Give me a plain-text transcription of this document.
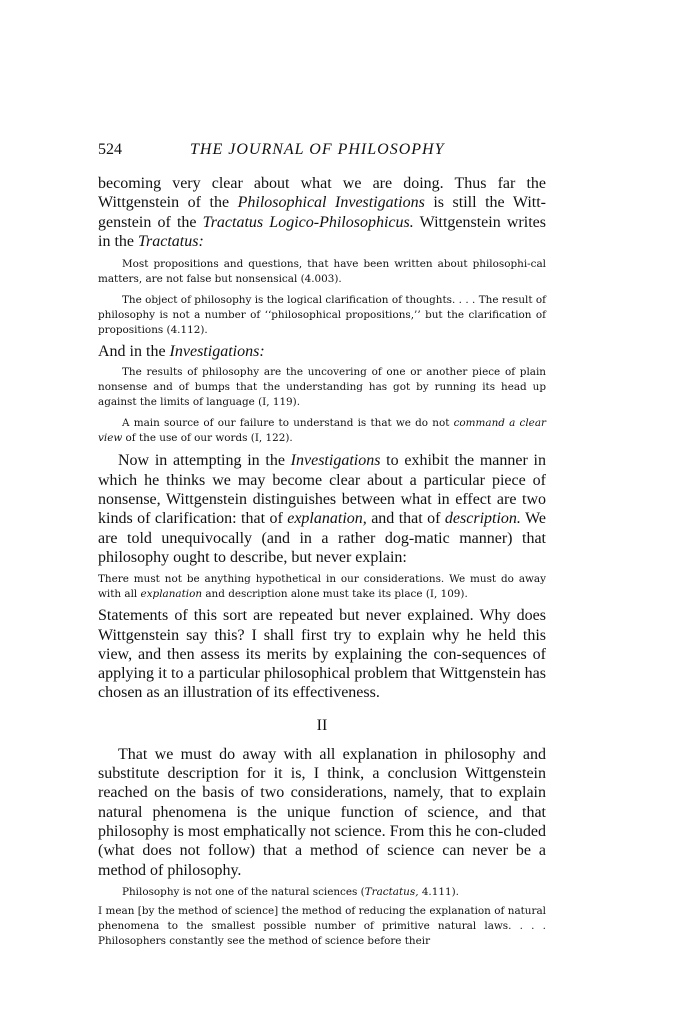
524	THE JOURNAL OF PHILOSOPHY

becoming very clear about what we are doing. Thus far the Wittgenstein of the Philosophical Investigations is still the Witt-genstein of the Tractatus Logico-Philosophicus. Wittgenstein writes in the Tractatus:

Most propositions and questions, that have been written about philosophi-cal matters, are not false but nonsensical (4.003).

The object of philosophy is the logical clarification of thoughts. . . . The result of philosophy is not a number of ‘‘philosophical propositions,’’ but the clarification of propositions (4.112).

And in the Investigations:

The results of philosophy are the uncovering of one or another piece of plain nonsense and of bumps that the understanding has got by running its head up against the limits of language (I, 119).

A main source of our failure to understand is that we do not command a clear view of the use of our words (I, 122).

Now in attempting in the Investigations to exhibit the manner in which he thinks we may become clear about a particular piece of nonsense, Wittgenstein distinguishes between what in effect are two kinds of clarification: that of explanation, and that of description. We are told unequivocally (and in a rather dog-matic manner) that philosophy ought to describe, but never explain:

There must not be anything hypothetical in our considerations. We must do away with all explanation and description alone must take its place (I, 109).

Statements of this sort are repeated but never explained. Why does Wittgenstein say this? I shall first try to explain why he held this view, and then assess its merits by explaining the con-sequences of applying it to a particular philosophical problem that Wittgenstein has chosen as an illustration of its effectiveness.

II

That we must do away with all explanation in philosophy and substitute description for it is, I think, a conclusion Wittgenstein reached on the basis of two considerations, namely, that to explain natural phenomena is the unique function of science, and that philosophy is most emphatically not science. From this he con-cluded (what does not follow) that a method of science can never be a method of philosophy.

Philosophy is not one of the natural sciences (Tractatus, 4.111).

I mean [by the method of science] the method of reducing the explanation of natural phenomena to the smallest possible number of primitive natural laws. . . . Philosophers constantly see the method of science before their
